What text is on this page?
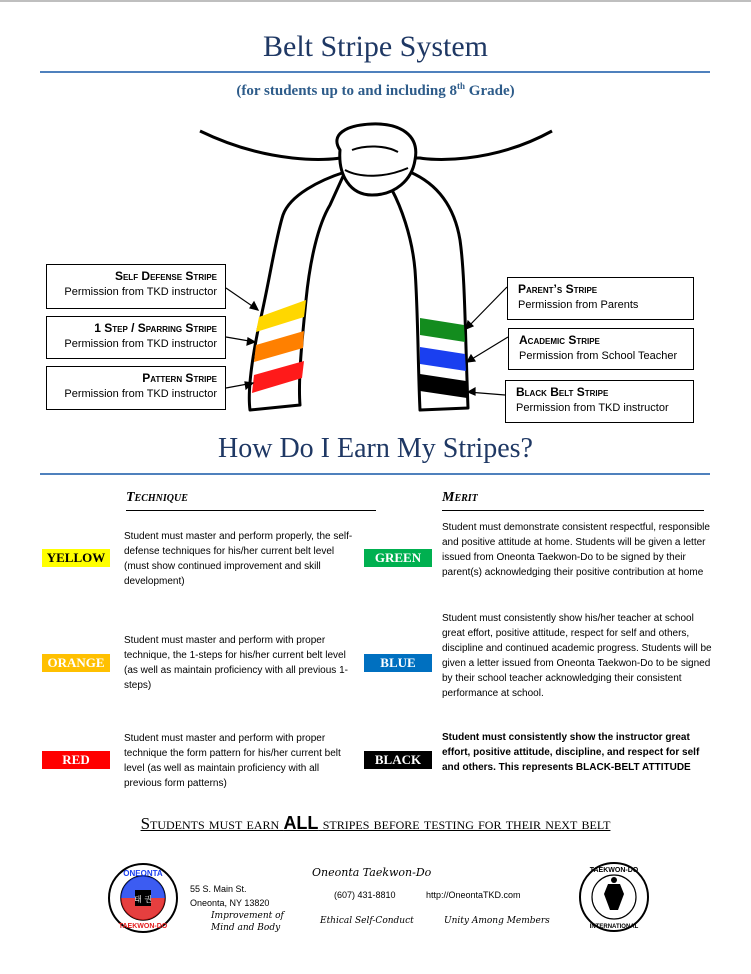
Belt Stripe System
(for students up to and including 8th Grade)
Self Defense Stripe
Permission from TKD instructor
1 Step / Sparring Stripe
Permission from TKD instructor
Pattern Stripe
Permission from TKD instructor
Parent’s Stripe
Permission from Parents
Academic Stripe
Permission from School Teacher
Black Belt Stripe
Permission from TKD instructor
How Do I Earn My Stripes?
Technique	Merit
YELLOW
Student must master and perform properly, the self-defense techniques for his/her current belt level (must show continued improvement and skill development)
ORANGE
Student must master and perform with proper technique, the 1-steps for his/her current belt level (as well as maintain proficiency with all previous 1-steps)
RED
Student must master and perform with proper technique the form pattern for his/her current belt level (as well as maintain proficiency with all previous form patterns)
GREEN
Student must demonstrate consistent respectful, responsible and positive attitude at home. Students will be given a letter issued from Oneonta Taekwon-Do to be signed by their parent(s) acknowledging their positive contribution at home
BLUE
Student must consistently show his/her teacher at school great effort, positive attitude, respect for self and others, discipline and continued academic progress. Students will be given a letter issued from Oneonta Taekwon-Do to be signed by their school teacher acknowledging their consistent performance at school.
BLACK
Student must consistently show the instructor great effort, positive attitude, discipline, and respect for self and others. This represents BLACK-BELT ATTITUDE
Students must earn ALL stripes before testing for their next belt
ONEONTA
TAEKWON-DO
태 권
TAEKWON-DO
INTERNATIONAL
Oneonta Taekwon-Do
55 S. Main St.
Oneonta, NY 13820
(607) 431-8810	http://OneontaTKD.com
Improvement of
Mind and Body
Ethical Self-Conduct	Unity Among Members
